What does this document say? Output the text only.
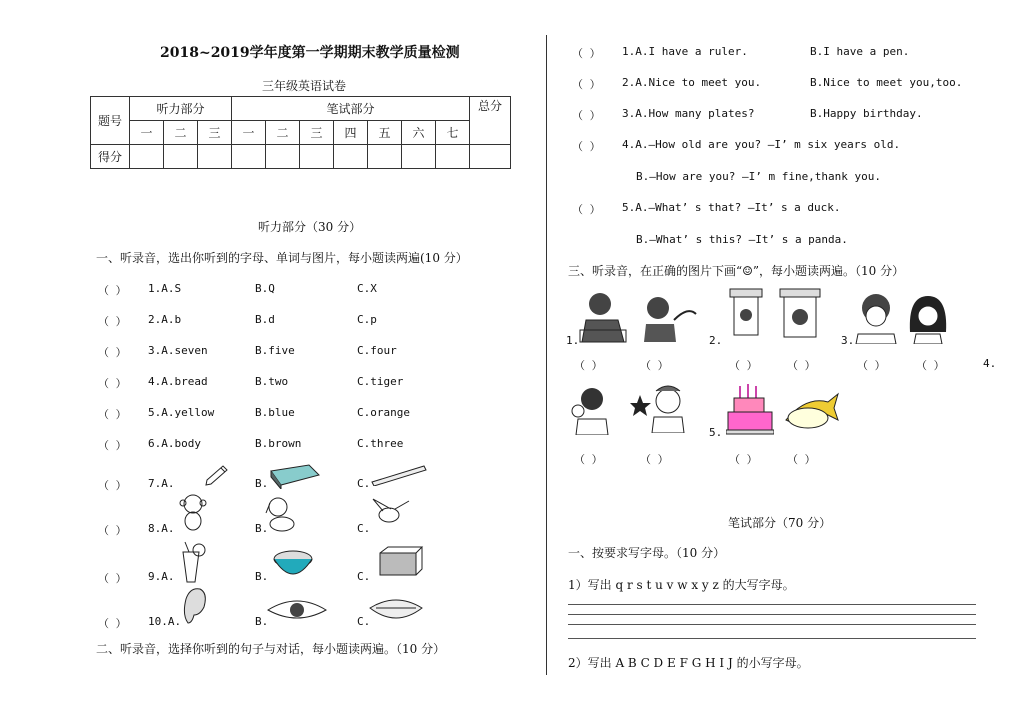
2018~2019学年度第一学期期末教学质量检测
三年级英语试卷
题号	听力部分			笔试部分							总分
	一	二	三	一	二	三	四	五	六	七	
得分											
听力部分（30 分）
一、听录音，选出你听到的字母、单词与图片，每小题读两遍(10 分）
（ ） 1.A.S	B.Q	C.X
（ ） 2.A.b	B.d	C.p
（ ） 3.A.seven	B.five	C.four
（ ） 4.A.bread	B.two	C.tiger
（ ） 5.A.yellow	B.blue	C.orange
（ ） 6.A.body	B.brown	C.three
（ ） 7.A.	B.	C.
（ ） 8.A.	B.	C.
（ ） 9.A.	B.	C.
（ ） 10.A.	B.	C.
二、听录音，选择你听到的句子与对话，每小题读两遍。（10 分）
（ ） 1.A.I have a ruler.	B.I have a pen.
（ ） 2.A.Nice to meet you.	B.Nice to meet you,too.
（ ） 3.A.How many plates?	B.Happy birthday.
（ ） 4.A.—How old are you? —I’ m six years old.
B.—How are you? —I’ m fine,thank you.
（ ） 5.A.—What’ s that? —It’ s a duck.
B.—What’ s this? —It’ s a panda.
三、听录音，在正确的图片下画“☺”，每小题读两遍。（10 分）
1.	2.	3.
5.
（ ）	（ ）	（ ）	（ ）	（ ）	（ ）
（ ）	（ ）	（ ）	（ ）
4.
笔试部分（70 分）
一、按要求写字母。（10 分）
1）写出 q r s t u v w x y z 的大写字母。
2）写出 A B C D E F G H I J 的小写字母。
